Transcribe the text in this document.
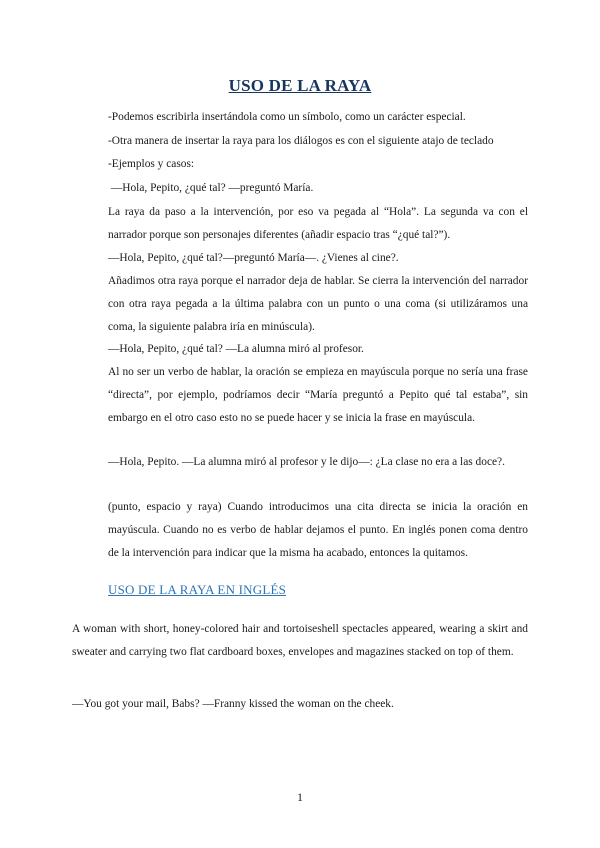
USO DE LA RAYA
-Podemos escribirla insertándola como un símbolo, como un carácter especial.
-Otra manera de insertar la raya para los diálogos es con el siguiente atajo de teclado
-Ejemplos y casos:
—Hola, Pepito, ¿qué tal? —preguntó María.
La raya da paso a la intervención, por eso va pegada al “Hola”. La segunda va con el narrador porque son personajes diferentes (añadir espacio tras “¿qué tal?”).
—Hola, Pepito, ¿qué tal?—preguntó María—. ¿Vienes al cine?.
Añadimos otra raya porque el narrador deja de hablar. Se cierra la intervención del narrador con otra raya pegada a la última palabra con un punto o una coma (si utilizáramos una coma, la siguiente palabra iría en minúscula).
—Hola, Pepito, ¿qué tal? —La alumna miró al profesor.
Al no ser un verbo de hablar, la oración se empieza en mayúscula porque no sería una frase “directa”, por ejemplo, podríamos decir “María preguntó a Pepito qué tal estaba”, sin embargo en el otro caso esto no se puede hacer y se inicia la frase en mayúscula.
—Hola, Pepito. —La alumna miró al profesor y le dijo—: ¿La clase no era a las doce?.
(punto, espacio y raya) Cuando introducimos una cita directa se inicia la oración en mayúscula. Cuando no es verbo de hablar dejamos el punto. En inglés ponen coma dentro de la intervención para indicar que la misma ha acabado, entonces la quitamos.
USO DE LA RAYA EN INGLÉS
A woman with short, honey-colored hair and tortoiseshell spectacles appeared, wearing a skirt and sweater and carrying two flat cardboard boxes, envelopes and magazines stacked on top of them.
—You got your mail, Babs? —Franny kissed the woman on the cheek.
1
